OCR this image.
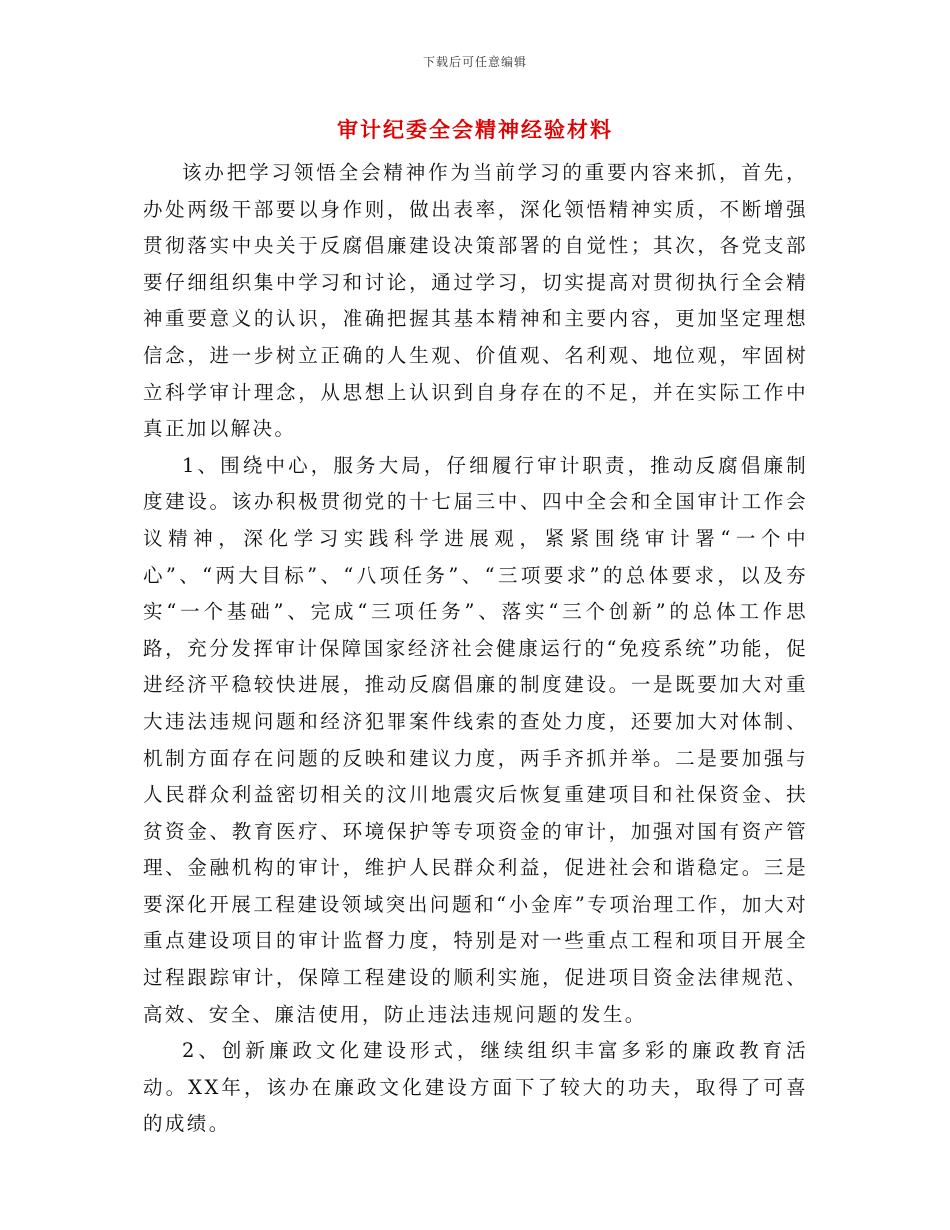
下载后可任意编辑
审计纪委全会精神经验材料

该办把学习领悟全会精神作为当前学习的重要内容来抓，首先，办处两级干部要以身作则，做出表率，深化领悟精神实质，不断增强贯彻落实中央关于反腐倡廉建设决策部署的自觉性；其次，各党支部要仔细组织集中学习和讨论，通过学习，切实提高对贯彻执行全会精神重要意义的认识，准确把握其基本精神和主要内容，更加坚定理想信念，进一步树立正确的人生观、价值观、名利观、地位观，牢固树立科学审计理念，从思想上认识到自身存在的不足，并在实际工作中真正加以解决。

1、围绕中心，服务大局，仔细履行审计职责，推动反腐倡廉制度建设。该办积极贯彻党的十七届三中、四中全会和全国审计工作会议精神，深化学习实践科学进展观，紧紧围绕审计署“一个中心”、“两大目标”、“八项任务”、“三项要求”的总体要求，以及夯实“一个基础”、完成“三项任务”、落实“三个创新”的总体工作思路，充分发挥审计保障国家经济社会健康运行的“免疫系统”功能，促进经济平稳较快进展，推动反腐倡廉的制度建设。一是既要加大对重大违法违规问题和经济犯罪案件线索的查处力度，还要加大对体制、机制方面存在问题的反映和建议力度，两手齐抓并举。二是要加强与人民群众利益密切相关的汶川地震灾后恢复重建项目和社保资金、扶贫资金、教育医疗、环境保护等专项资金的审计，加强对国有资产管理、金融机构的审计，维护人民群众利益，促进社会和谐稳定。三是要深化开展工程建设领域突出问题和“小金库”专项治理工作，加大对重点建设项目的审计监督力度，特别是对一些重点工程和项目开展全过程跟踪审计，保障工程建设的顺利实施，促进项目资金法律规范、高效、安全、廉洁使用，防止违法违规问题的发生。

2、创新廉政文化建设形式，继续组织丰富多彩的廉政教育活动。XX年，该办在廉政文化建设方面下了较大的功夫，取得了可喜的成绩。
